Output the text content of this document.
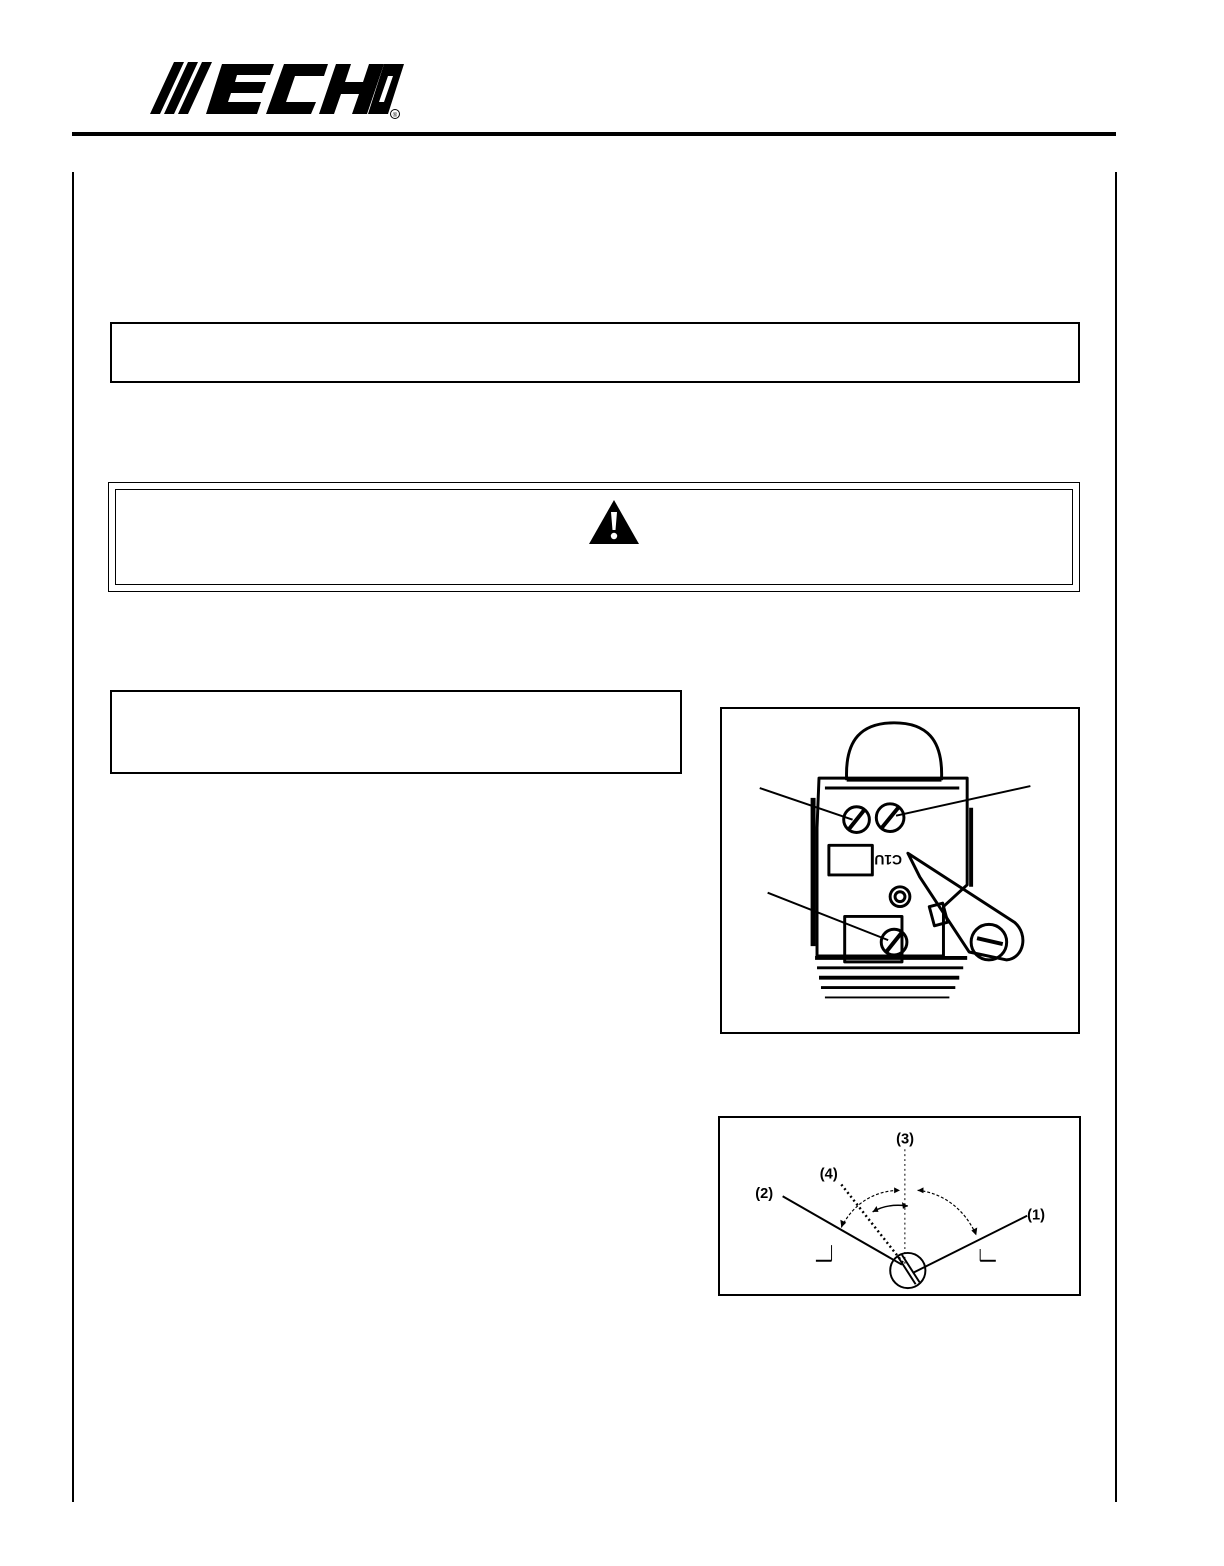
®
C1U
(3)
(4)
(2)
(1)
